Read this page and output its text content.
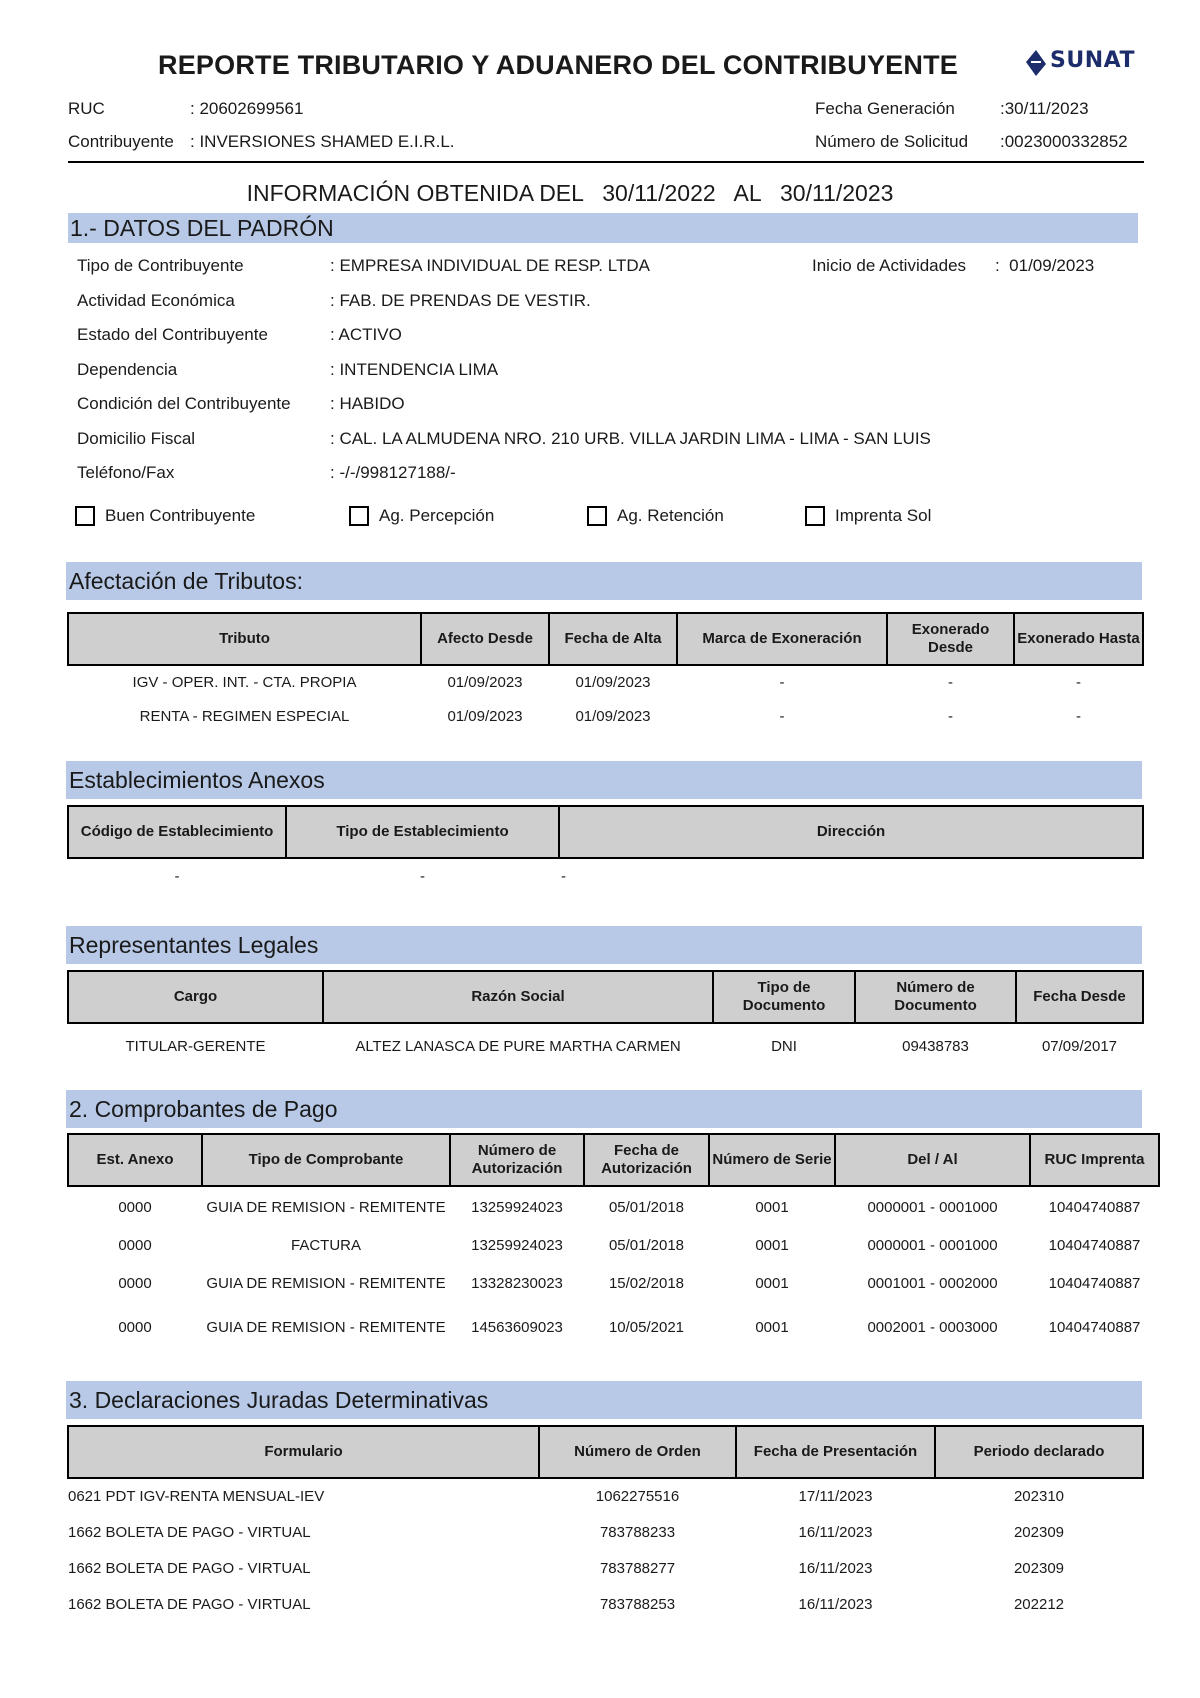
REPORTE TRIBUTARIO Y ADUANERO DEL CONTRIBUYENTE	SUNAT
RUC	: 20602699561
Contribuyente : INVERSIONES SHAMED E.I.R.L.
Fecha Generación	:30/11/2023
Número de Solicitud :0023000332852
INFORMACIÓN OBTENIDA DEL   30/11/2022   AL   30/11/2023
1.- DATOS DEL PADRÓN
Tipo de Contribuyente	: EMPRESA INDIVIDUAL DE RESP. LTDA
Actividad Económica	: FAB. DE PRENDAS DE VESTIR.
Estado del Contribuyente	: ACTIVO
Dependencia	: INTENDENCIA LIMA
Condición del Contribuyente : HABIDO
Domicilio Fiscal	: CAL. LA ALMUDENA NRO. 210 URB. VILLA JARDIN LIMA - LIMA - SAN LUIS
Teléfono/Fax	: -/-/998127188/-
Inicio de Actividades :  01/09/2023
Buen Contribuyente	Ag. Percepción	Ag. Retención	Imprenta Sol
Afectación de Tributos:
Tributo	Afecto Desde	Fecha de Alta	Marca de Exoneración	Exonerado Desde	Exonerado Hasta
IGV - OPER. INT. - CTA. PROPIA	01/09/2023	01/09/2023	-	-	-
RENTA - REGIMEN ESPECIAL	01/09/2023	01/09/2023	-	-	-
Establecimientos Anexos
Código de Establecimiento	Tipo de Establecimiento	Dirección
-	-	-
Representantes Legales
Cargo	Razón Social	Tipo de Documento	Número de Documento	Fecha Desde
TITULAR-GERENTE	ALTEZ LANASCA DE PURE MARTHA CARMEN	DNI	09438783	07/09/2017
2. Comprobantes de Pago
Est. Anexo	Tipo de Comprobante	Número de Autorización	Fecha de Autorización	Número de Serie	Del / Al	RUC Imprenta
0000	GUIA DE REMISION - REMITENTE	13259924023	05/01/2018	0001	0000001 - 0001000	10404740887
0000	FACTURA	13259924023	05/01/2018	0001	0000001 - 0001000	10404740887
0000	GUIA DE REMISION - REMITENTE	13328230023	15/02/2018	0001	0001001 - 0002000	10404740887
0000	GUIA DE REMISION - REMITENTE	14563609023	10/05/2021	0001	0002001 - 0003000	10404740887
3. Declaraciones Juradas Determinativas
Formulario	Número de Orden	Fecha de Presentación	Periodo declarado
0621 PDT IGV-RENTA MENSUAL-IEV	1062275516	17/11/2023	202310
1662 BOLETA DE PAGO - VIRTUAL	783788233	16/11/2023	202309
1662 BOLETA DE PAGO - VIRTUAL	783788277	16/11/2023	202309
1662 BOLETA DE PAGO - VIRTUAL	783788253	16/11/2023	202212
